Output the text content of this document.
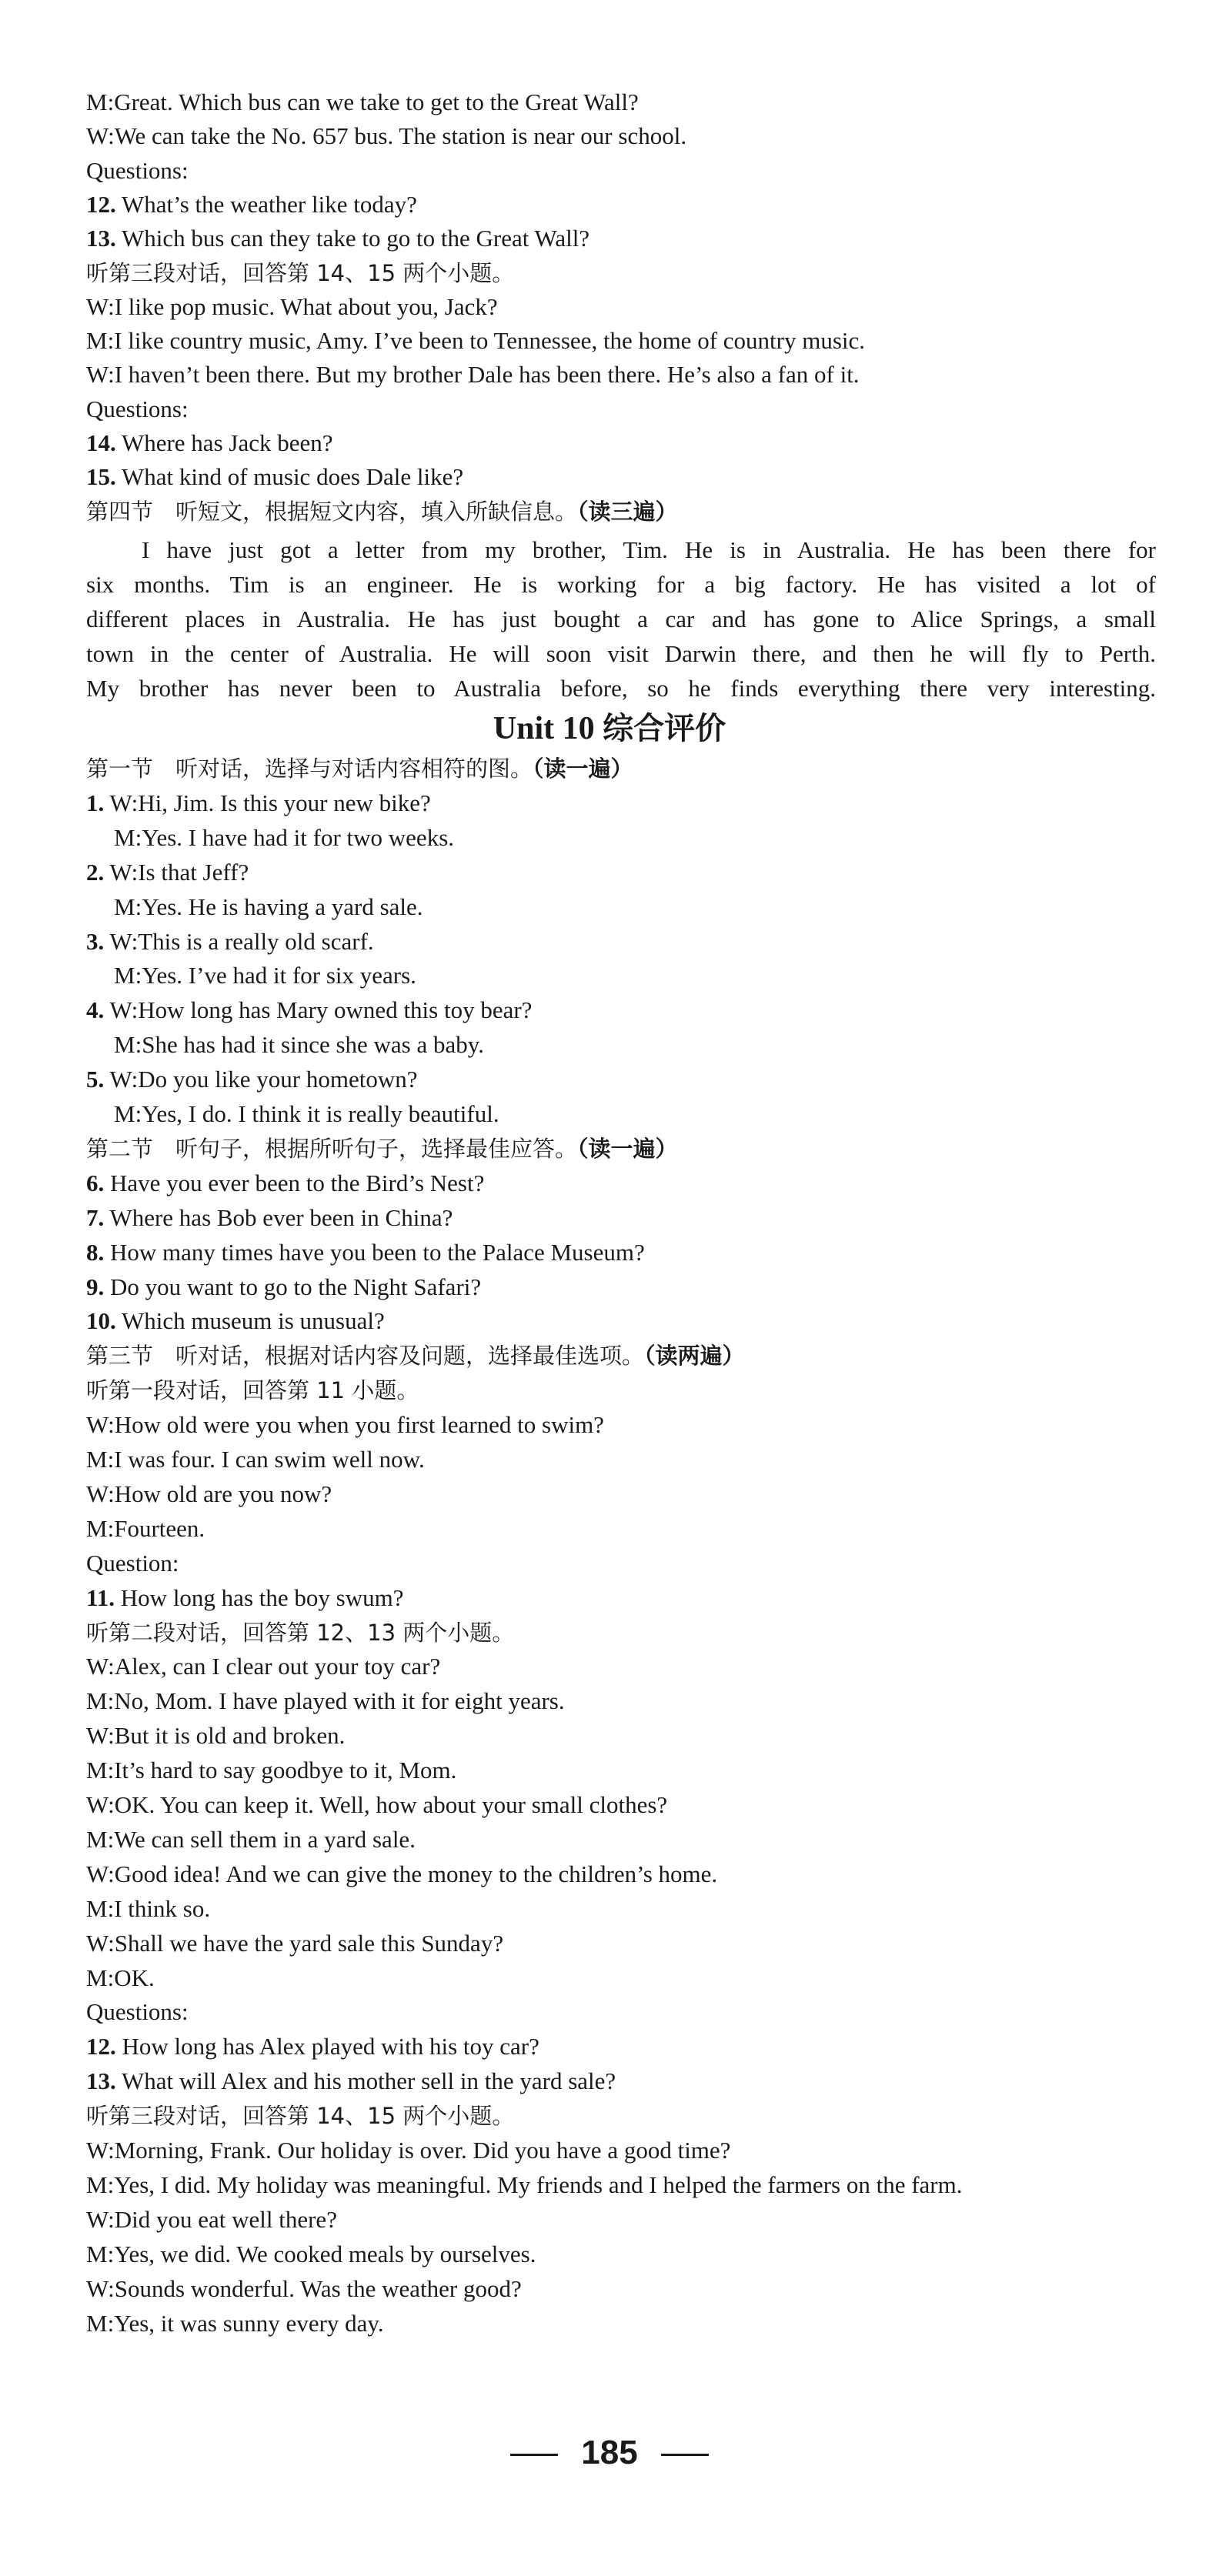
M:Great. Which bus can we take to get to the Great Wall?
W:We can take the No. 657 bus. The station is near our school.
Questions:
12. What’s the weather like today?
13. Which bus can they take to go to the Great Wall?
听第三段对话，回答第 14、15 两个小题。
W:I like pop music. What about you, Jack?
M:I like country music, Amy. I’ve been to Tennessee, the home of country music.
W:I haven’t been there. But my brother Dale has been there. He’s also a fan of it.
Questions:
14. Where has Jack been?
15. What kind of music does Dale like?
第四节　听短文，根据短文内容，填入所缺信息。（读三遍）
I have just got a letter from my brother, Tim. He is in Australia. He has been there for
six months. Tim is an engineer. He is working for a big factory. He has visited a lot of
different places in Australia. He has just bought a car and has gone to Alice Springs, a small
town in the center of Australia. He will soon visit Darwin there, and then he will fly to Perth.
My brother has never been to Australia before, so he finds everything there very interesting.
Unit 10 综合评价
第一节　听对话，选择与对话内容相符的图。（读一遍）
1. W:Hi, Jim. Is this your new bike?
M:Yes. I have had it for two weeks.
2. W:Is that Jeff?
M:Yes. He is having a yard sale.
3. W:This is a really old scarf.
M:Yes. I’ve had it for six years.
4. W:How long has Mary owned this toy bear?
M:She has had it since she was a baby.
5. W:Do you like your hometown?
M:Yes, I do. I think it is really beautiful.
第二节　听句子，根据所听句子，选择最佳应答。（读一遍）
6. Have you ever been to the Bird’s Nest?
7. Where has Bob ever been in China?
8. How many times have you been to the Palace Museum?
9. Do you want to go to the Night Safari?
10. Which museum is unusual?
第三节　听对话，根据对话内容及问题，选择最佳选项。（读两遍）
听第一段对话，回答第 11 小题。
W:How old were you when you first learned to swim?
M:I was four. I can swim well now.
W:How old are you now?
M:Fourteen.
Question:
11. How long has the boy swum?
听第二段对话，回答第 12、13 两个小题。
W:Alex, can I clear out your toy car?
M:No, Mom. I have played with it for eight years.
W:But it is old and broken.
M:It’s hard to say goodbye to it, Mom.
W:OK. You can keep it. Well, how about your small clothes?
M:We can sell them in a yard sale.
W:Good idea! And we can give the money to the children’s home.
M:I think so.
W:Shall we have the yard sale this Sunday?
M:OK.
Questions:
12. How long has Alex played with his toy car?
13. What will Alex and his mother sell in the yard sale?
听第三段对话，回答第 14、15 两个小题。
W:Morning, Frank. Our holiday is over. Did you have a good time?
M:Yes, I did. My holiday was meaningful. My friends and I helped the farmers on the farm.
W:Did you eat well there?
M:Yes, we did. We cooked meals by ourselves.
W:Sounds wonderful. Was the weather good?
M:Yes, it was sunny every day.
185
